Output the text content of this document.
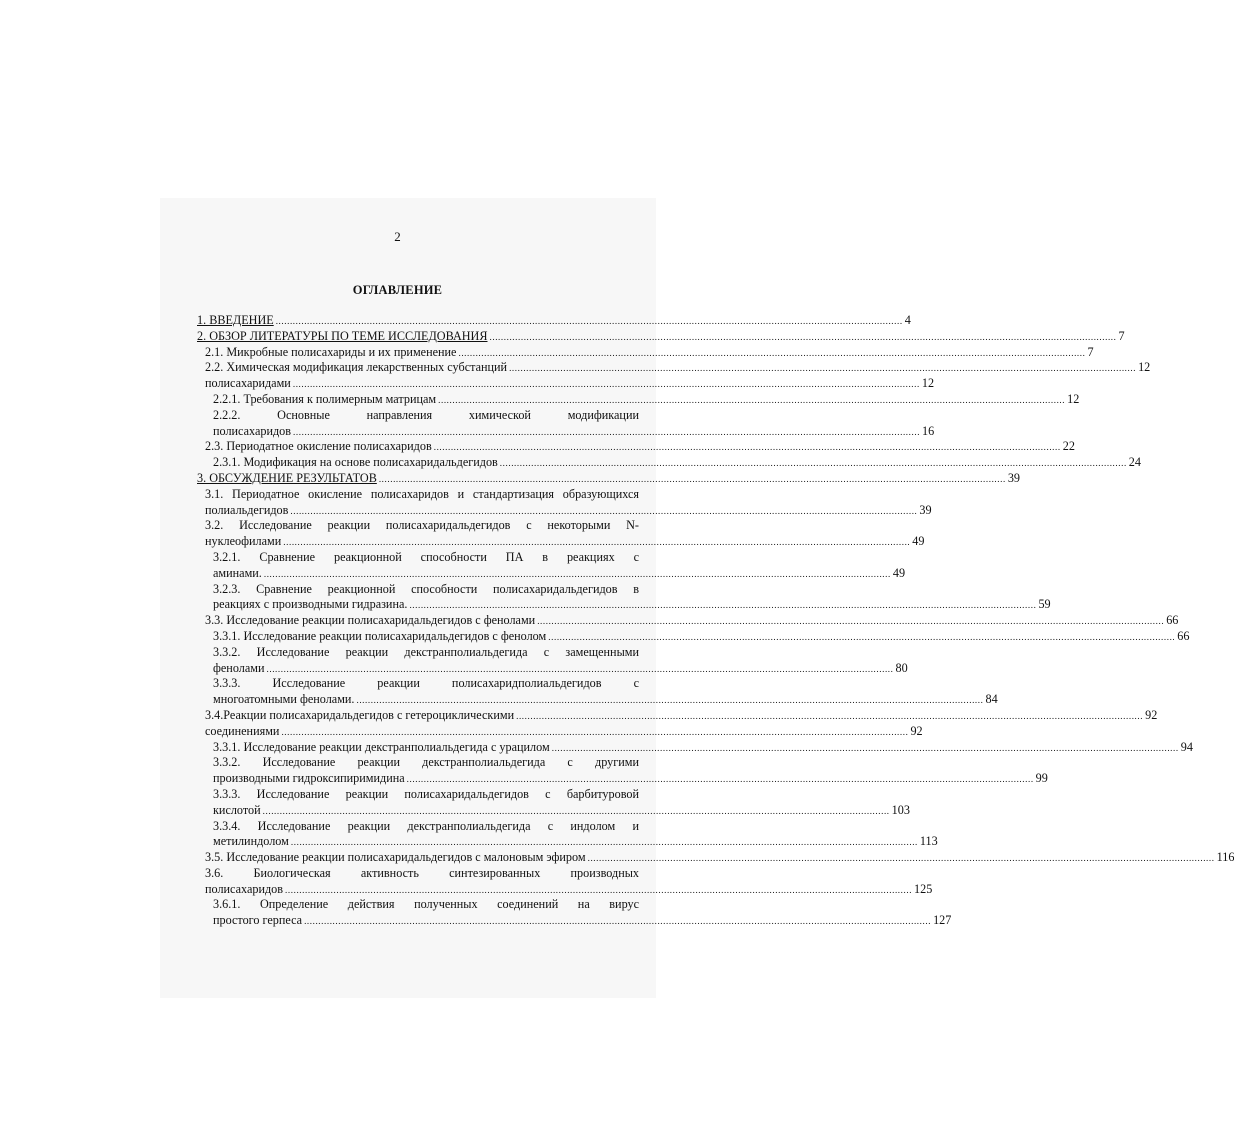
2
ОГЛАВЛЕНИЕ
1. ВВЕДЕНИЕ ............................................................................................................................................................................................................................ 4
2. ОБЗОР ЛИТЕРАТУРЫ ПО ТЕМЕ ИССЛЕДОВАНИЯ ............................................................................................................................................................................................................................ 7
2.1. Микробные полисахариды и их применение ............................................................................................................................................................................................................................ 7
2.2. Химическая модификация лекарственных субстанций ............................................................................................................................................................................................................................ 12
полисахаридами ............................................................................................................................................................................................................................ 12
2.2.1. Требования к полимерным матрицам ............................................................................................................................................................................................................................ 12
2.2.2. Основные направления химической модификации
полисахаридов ............................................................................................................................................................................................................................ 16
2.3. Периодатное окисление полисахаридов ............................................................................................................................................................................................................................ 22
2.3.1. Модификация на основе полисахаридальдегидов ............................................................................................................................................................................................................................ 24
3. ОБСУЖДЕНИЕ РЕЗУЛЬТАТОВ ............................................................................................................................................................................................................................ 39
3.1. Периодатное окисление полисахаридов и стандартизация образующихся
полиальдегидов ............................................................................................................................................................................................................................ 39
3.2. Исследование реакции полисахаридальдегидов с некоторыми N-
нуклеофилами ............................................................................................................................................................................................................................ 49
3.2.1. Сравнение реакционной способности ПА в реакциях с
аминами. ............................................................................................................................................................................................................................ 49
3.2.3. Сравнение реакционной способности полисахаридальдегидов в
реакциях с производными гидразина. ............................................................................................................................................................................................................................ 59
3.3. Исследование реакции полисахаридальдегидов с фенолами ............................................................................................................................................................................................................................ 66
3.3.1. Исследование реакции полисахаридальдегидов с фенолом ............................................................................................................................................................................................................................ 66
3.3.2. Исследование реакции декстранполиальдегида с замещенными
фенолами ............................................................................................................................................................................................................................ 80
3.3.3. Исследование реакции полисахаридполиальдегидов с
многоатомными фенолами. ............................................................................................................................................................................................................................ 84
3.4.Реакции полисахаридальдегидов с гетероциклическими ............................................................................................................................................................................................................................ 92
соединениями ............................................................................................................................................................................................................................ 92
3.3.1. Исследование реакции декстранполиальдегида с урацилом ............................................................................................................................................................................................................................ 94
3.3.2. Исследование реакции декстранполиальдегида с другими
производными гидроксипиримидина ............................................................................................................................................................................................................................ 99
3.3.3. Исследование реакции полисахаридальдегидов с барбитуровой
кислотой ............................................................................................................................................................................................................................ 103
3.3.4. Исследование реакции декстранполиальдегида с индолом и
метилиндолом ............................................................................................................................................................................................................................ 113
3.5. Исследование реакции полисахаридальдегидов с малоновым эфиром ............................................................................................................................................................................................................................ 116
3.6. Биологическая активность синтезированных производных
полисахаридов ............................................................................................................................................................................................................................ 125
3.6.1. Определение действия полученных соединений на вирус
простого герпеса ............................................................................................................................................................................................................................ 127
